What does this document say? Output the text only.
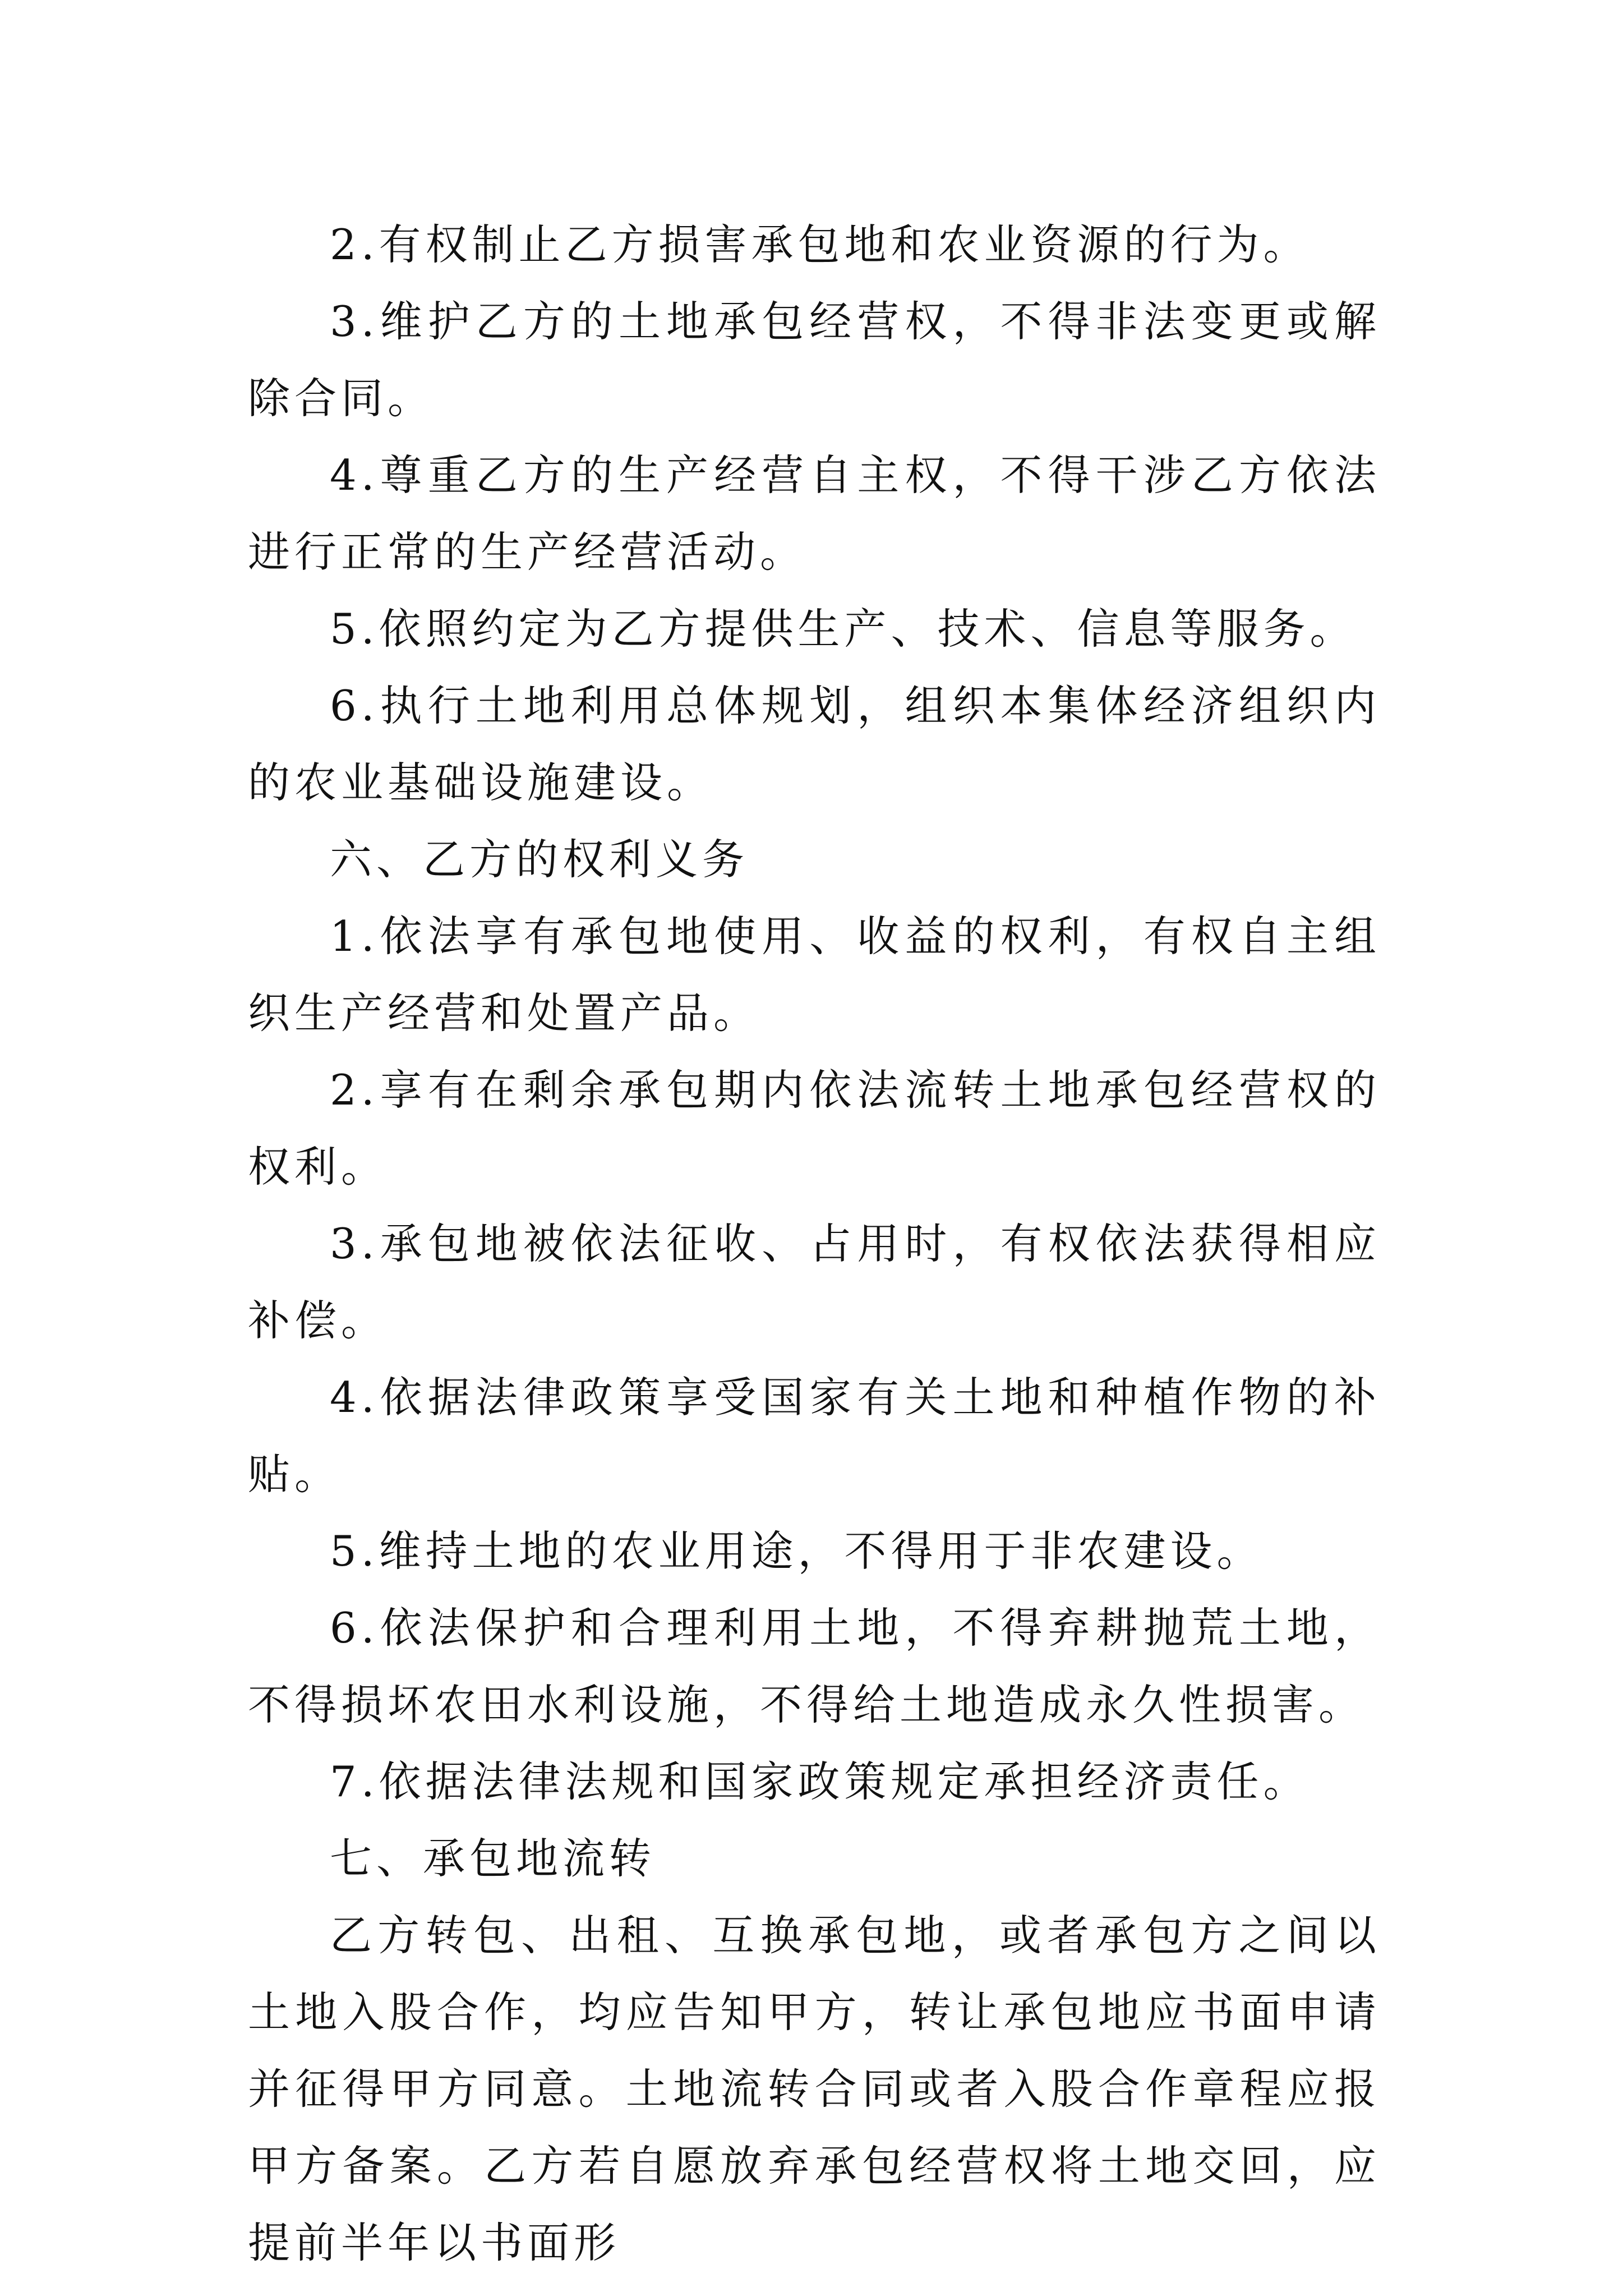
2.有权制止乙方损害承包地和农业资源的行为。

3.维护乙方的土地承包经营权，不得非法变更或解除合同。

4.尊重乙方的生产经营自主权，不得干涉乙方依法进行正常的生产经营活动。

5.依照约定为乙方提供生产、技术、信息等服务。

6.执行土地利用总体规划，组织本集体经济组织内的农业基础设施建设。

六、乙方的权利义务

1.依法享有承包地使用、收益的权利，有权自主组织生产经营和处置产品。

2.享有在剩余承包期内依法流转土地承包经营权的权利。

3.承包地被依法征收、占用时，有权依法获得相应补偿。

4.依据法律政策享受国家有关土地和种植作物的补贴。

5.维持土地的农业用途，不得用于非农建设。

6.依法保护和合理利用土地，不得弃耕抛荒土地，不得损坏农田水利设施，不得给土地造成永久性损害。

7.依据法律法规和国家政策规定承担经济责任。

七、承包地流转

乙方转包、出租、互换承包地，或者承包方之间以土地入股合作，均应告知甲方，转让承包地应书面申请并征得甲方同意。土地流转合同或者入股合作章程应报甲方备案。乙方若自愿放弃承包经营权将土地交回，应提前半年以书面形
